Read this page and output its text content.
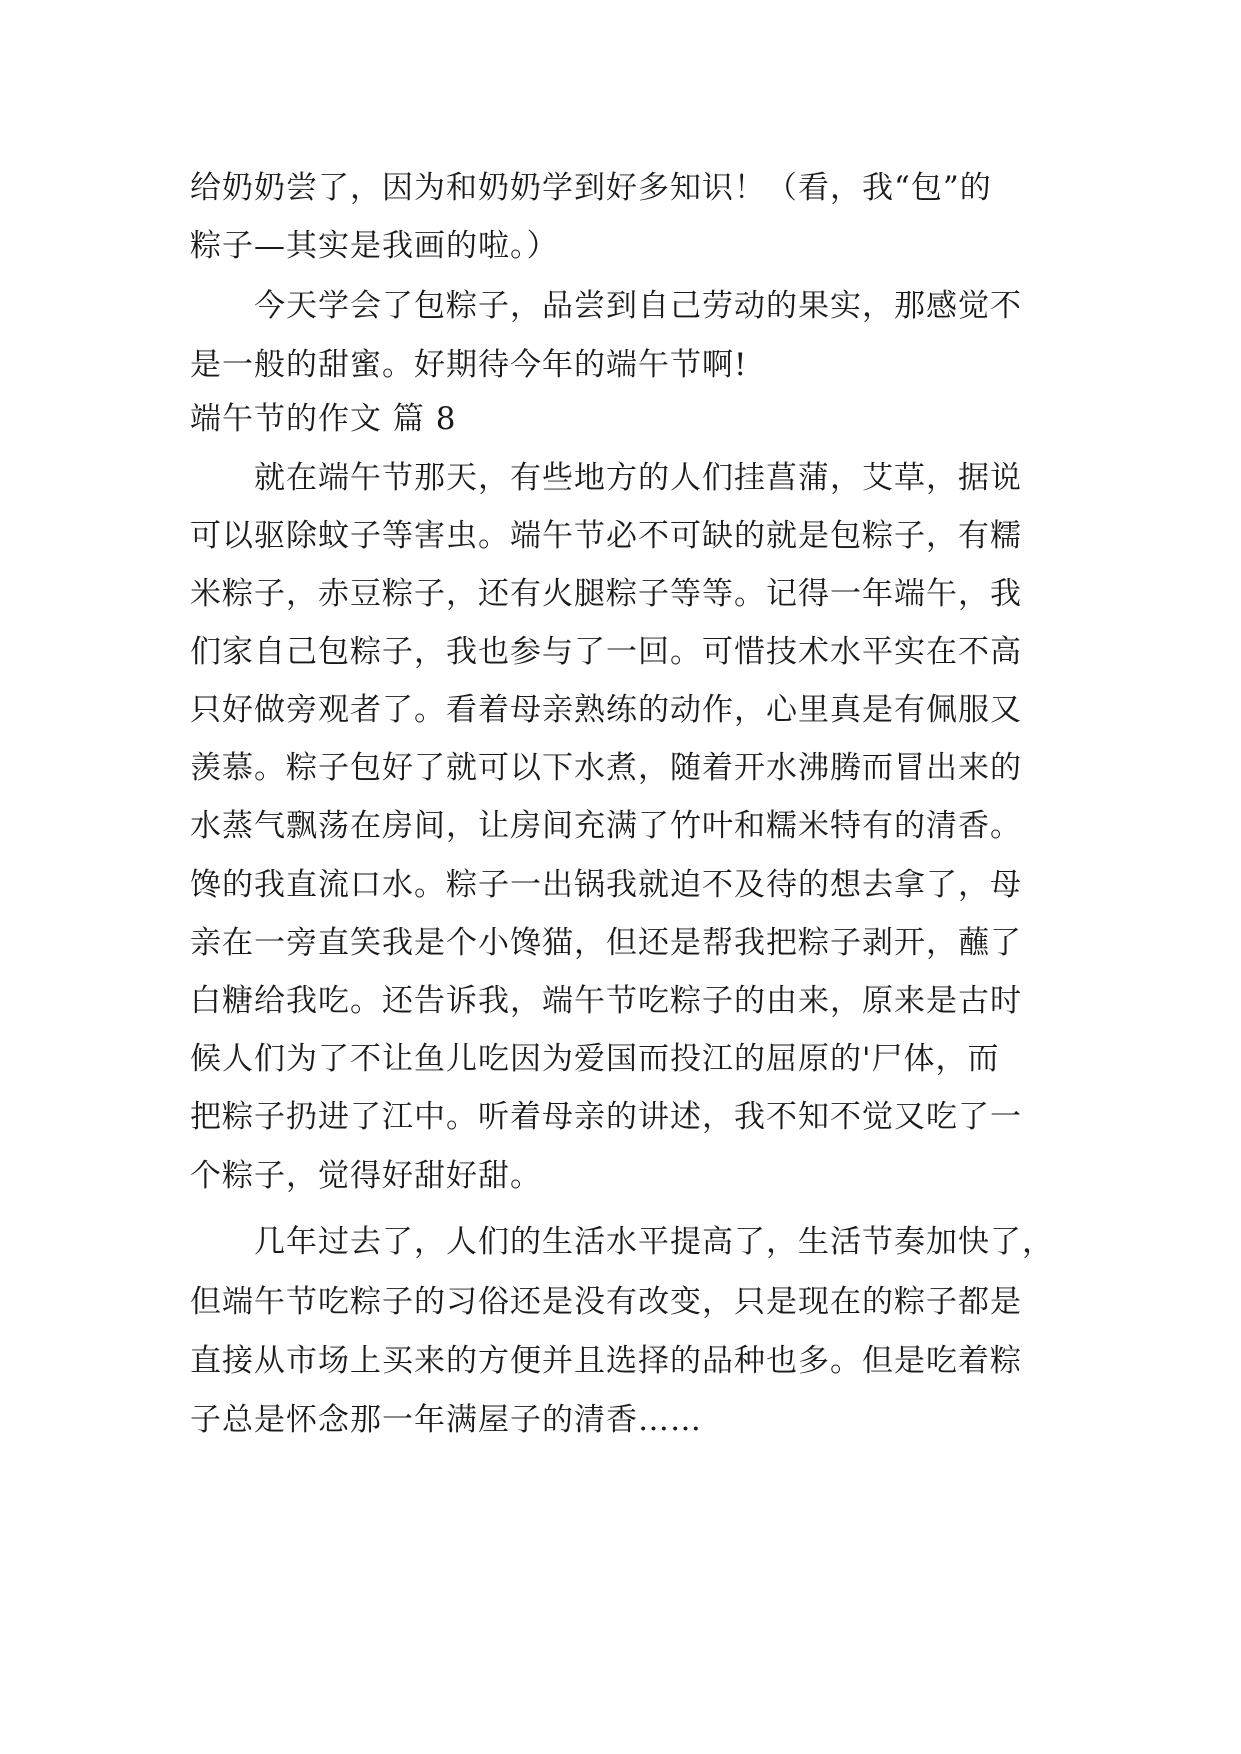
给奶奶尝了，因为和奶奶学到好多知识！（看，我“包”的
粽子—其实是我画的啦。）
　　今天学会了包粽子，品尝到自己劳动的果实，那感觉不
是一般的甜蜜。好期待今年的端午节啊!
端午节的作文 篇 8
　　就在端午节那天，有些地方的人们挂菖蒲，艾草，据说
可以驱除蚊子等害虫。端午节必不可缺的就是包粽子，有糯
米粽子，赤豆粽子，还有火腿粽子等等。记得一年端午，我
们家自己包粽子，我也参与了一回。可惜技术水平实在不高
只好做旁观者了。看着母亲熟练的动作，心里真是有佩服又
羡慕。粽子包好了就可以下水煮，随着开水沸腾而冒出来的
水蒸气飘荡在房间，让房间充满了竹叶和糯米特有的清香。
馋的我直流口水。粽子一出锅我就迫不及待的想去拿了，母
亲在一旁直笑我是个小馋猫，但还是帮我把粽子剥开，蘸了
白糖给我吃。还告诉我，端午节吃粽子的由来，原来是古时
候人们为了不让鱼儿吃因为爱国而投江的屈原的'尸体，而
把粽子扔进了江中。听着母亲的讲述，我不知不觉又吃了一
个粽子，觉得好甜好甜。
　　几年过去了，人们的生活水平提高了，生活节奏加快了，
但端午节吃粽子的习俗还是没有改变，只是现在的粽子都是
直接从市场上买来的方便并且选择的品种也多。但是吃着粽
子总是怀念那一年满屋子的清香……
